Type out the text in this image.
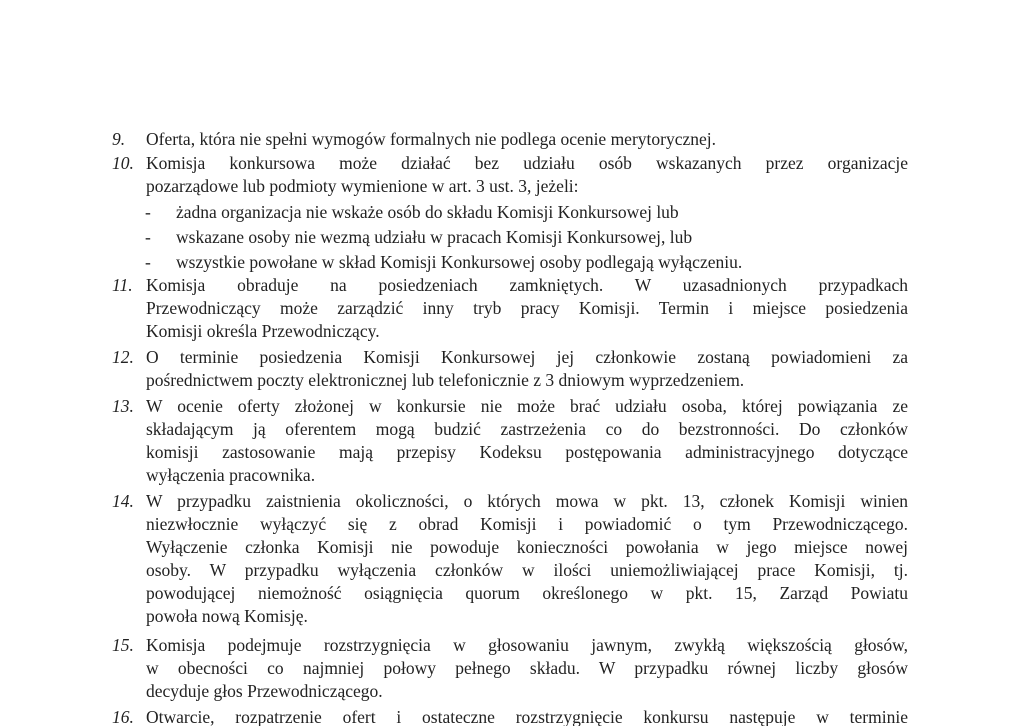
9. Oferta, która nie spełni wymogów formalnych nie podlega ocenie merytorycznej.
10. Komisja konkursowa może działać bez udziału osób wskazanych przez organizacje
pozarządowe lub podmioty wymienione w art. 3 ust. 3, jeżeli:
- żadna organizacja nie wskaże osób do składu Komisji Konkursowej lub
- wskazane osoby nie wezmą udziału w pracach Komisji Konkursowej, lub
- wszystkie powołane w skład Komisji Konkursowej osoby podlegają wyłączeniu.
11. Komisja obraduje na posiedzeniach zamkniętych. W uzasadnionych przypadkach
Przewodniczący może zarządzić inny tryb pracy Komisji. Termin i miejsce posiedzenia
Komisji określa Przewodniczący.
12. O terminie posiedzenia Komisji Konkursowej jej członkowie zostaną powiadomieni za
pośrednictwem poczty elektronicznej lub telefonicznie z 3 dniowym wyprzedzeniem.
13. W ocenie oferty złożonej w konkursie nie może brać udziału osoba, której powiązania ze
składającym ją oferentem mogą budzić zastrzeżenia co do bezstronności. Do członków
komisji zastosowanie mają przepisy Kodeksu postępowania administracyjnego dotyczące
wyłączenia pracownika.
14. W przypadku zaistnienia okoliczności, o których mowa w pkt. 13, członek Komisji winien
niezwłocznie wyłączyć się z obrad Komisji i powiadomić o tym Przewodniczącego.
Wyłączenie członka Komisji nie powoduje konieczności powołania w jego miejsce nowej
osoby. W przypadku wyłączenia członków w ilości uniemożliwiającej prace Komisji, tj.
powodującej niemożność osiągnięcia quorum określonego w pkt. 15, Zarząd Powiatu
powoła nową Komisję.
15. Komisja podejmuje rozstrzygnięcia w głosowaniu jawnym, zwykłą większością głosów,
w obecności co najmniej połowy pełnego składu. W przypadku równej liczby głosów
decyduje głos Przewodniczącego.
16. Otwarcie, rozpatrzenie ofert i ostateczne rozstrzygnięcie konkursu następuje w terminie
